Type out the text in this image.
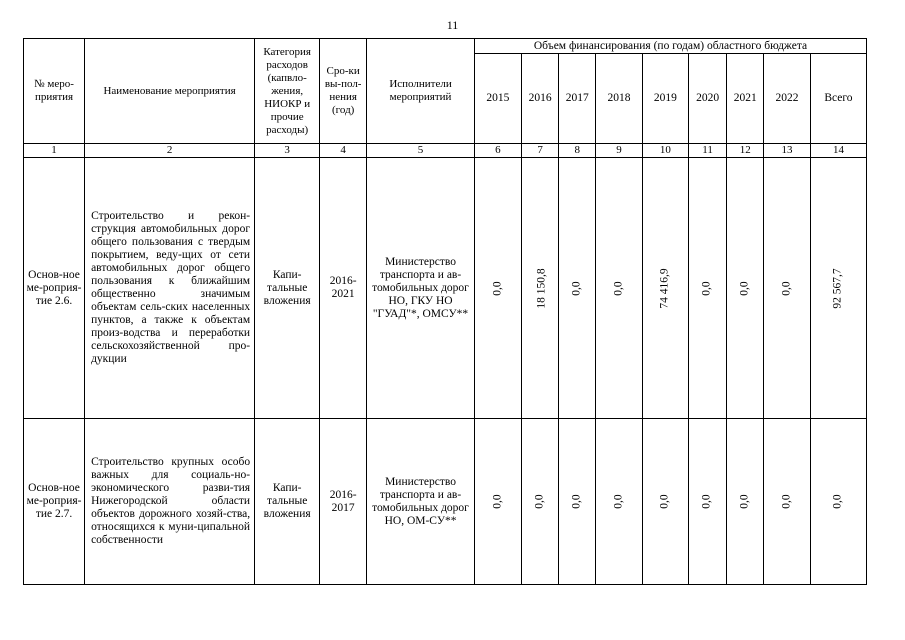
11
№ меро-приятия	Наименование мероприятия	Категория расходов (капвло-жения, НИОКР и прочие расходы)	Сро-ки вы-пол-нения (год)	Исполнители мероприятий	Объем финансирования (по годам) областного бюджета								
					2015	2016	2017	2018	2019	2020	2021	2022	Всего
1	2	3	4	5	6	7	8	9	10	11	12	13	14
Основ-ное ме-роприя-тие 2.6.	Строительство и рекон-струкция автомобильных дорог общего пользования с твердым покрытием, веду-щих от сети автомобильных дорог общего пользования к ближайшим общественно значимым объектам сель-ских населенных пунктов, а также к объектам произ-водства и переработки сельскохозяйственной про-дукции	Капи-тальные вложения	2016-2021	Министерство транспорта и ав-томобильных дорог НО, ГКУ НО "ГУАД"*, ОМСУ**	0,0	18 150,8	0,0	0,0	74 416,9	0,0	0,0	0,0	92 567,7
Основ-ное ме-роприя-тие 2.7.	Строительство крупных особо важных для социаль-но-экономического разви-тия Нижегородской области объектов дорожного хозяй-ства, относящихся к муни-ципальной собственности	Капи-тальные вложения	2016-2017	Министерство транспорта и ав-томобильных дорог НО, ОМ-СУ**	0,0	0,0	0,0	0,0	0,0	0,0	0,0	0,0	0,0
